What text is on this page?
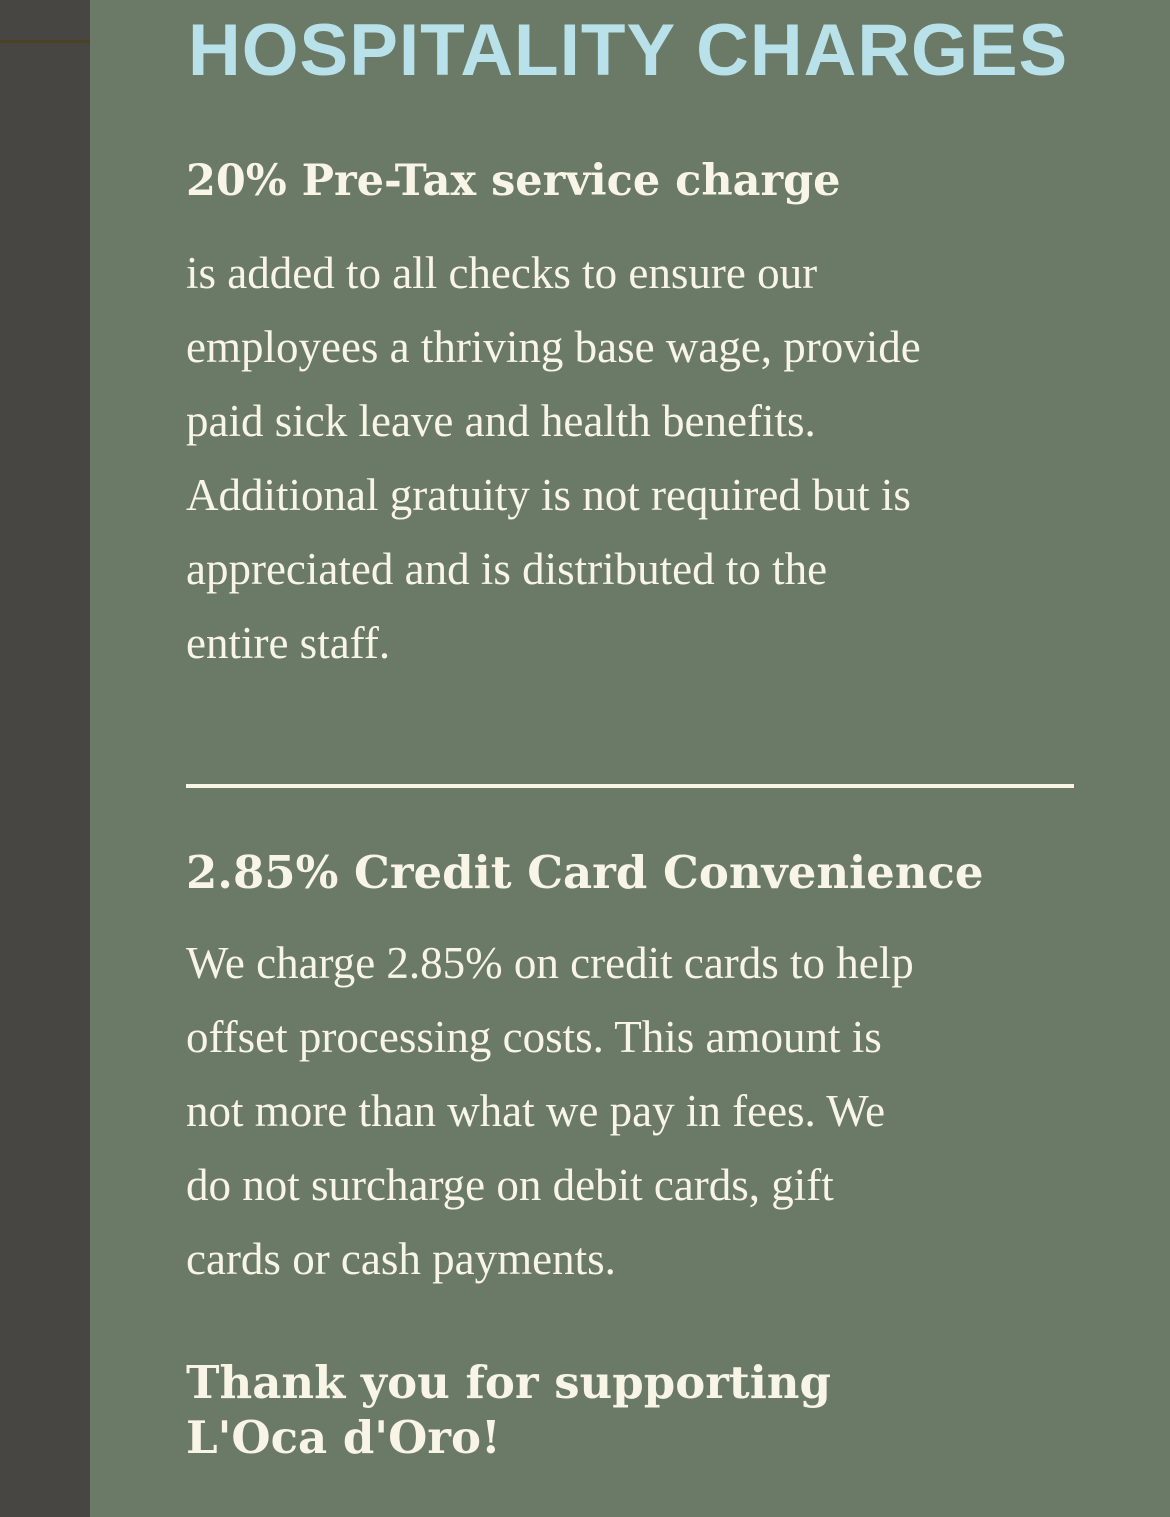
HOSPITALITY CHARGES
20% Pre-Tax service charge
is added to all checks to ensure our
employees a thriving base wage, provide
paid sick leave and health benefits.
Additional gratuity is not required but is
appreciated and is distributed to the
entire staff.
2.85% Credit Card Convenience
We charge 2.85% on credit cards to help
offset processing costs. This amount is
not more than what we pay in fees. We
do not surcharge on debit cards, gift
cards or cash payments.
Thank you for supporting
L'Oca d'Oro!
